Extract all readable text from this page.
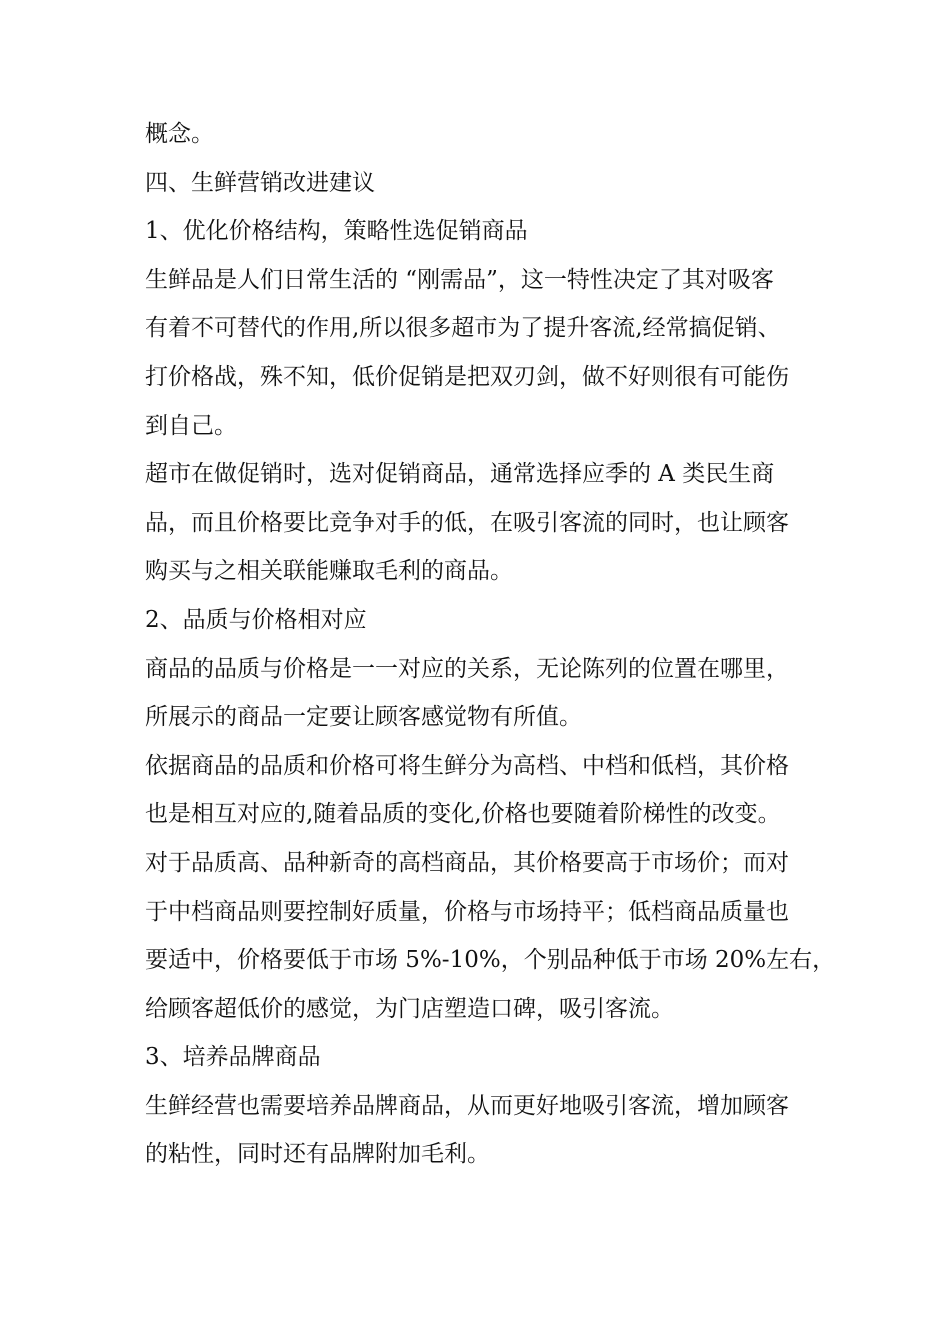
概念。
四、生鲜营销改进建议
1、优化价格结构，策略性选促销商品
生鲜品是人们日常生活的 “刚需品”，这一特性决定了其对吸客
有着不可替代的作用,所以很多超市为了提升客流,经常搞促销、
打价格战，殊不知，低价促销是把双刃剑，做不好则很有可能伤
到自己。
超市在做促销时，选对促销商品，通常选择应季的 A 类民生商
品，而且价格要比竞争对手的低，在吸引客流的同时，也让顾客
购买与之相关联能赚取毛利的商品。
2、品质与价格相对应
商品的品质与价格是一一对应的关系，无论陈列的位置在哪里，
所展示的商品一定要让顾客感觉物有所值。
依据商品的品质和价格可将生鲜分为高档、中档和低档，其价格
也是相互对应的,随着品质的变化,价格也要随着阶梯性的改变。
对于品质高、品种新奇的高档商品，其价格要高于市场价；而对
于中档商品则要控制好质量，价格与市场持平；低档商品质量也
要适中，价格要低于市场 5%-10%，个别品种低于市场 20%左右，
给顾客超低价的感觉，为门店塑造口碑，吸引客流。
3、培养品牌商品
生鲜经营也需要培养品牌商品，从而更好地吸引客流，增加顾客
的粘性，同时还有品牌附加毛利。
